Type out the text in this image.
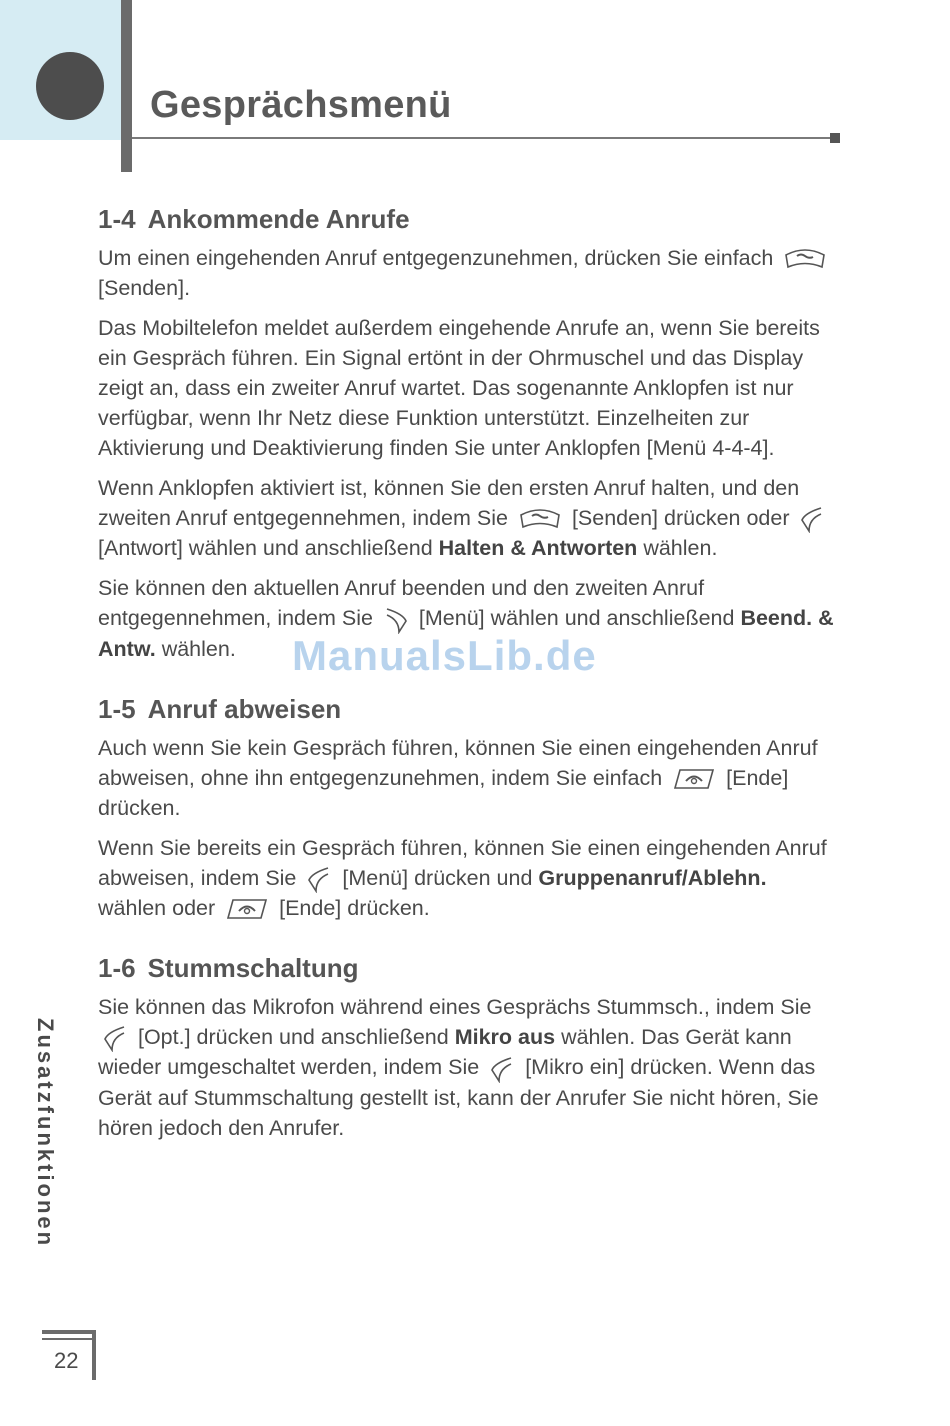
Gesprächsmenü
1-4 Ankommende Anrufe

Um einen eingehenden Anruf entgegenzunehmen, drücken Sie einfach
[Senden].

Das Mobiltelefon meldet außerdem eingehende Anrufe an, wenn Sie bereits ein Gespräch führen. Ein Signal ertönt in der Ohrmuschel und das Display zeigt an, dass ein zweiter Anruf wartet. Das sogenannte Anklopfen ist nur verfügbar, wenn Ihr Netz diese Funktion unterstützt. Einzelheiten zur Aktivierung und Deaktivierung finden Sie unter Anklopfen [Menü 4-4-4].

Wenn Anklopfen aktiviert ist, können Sie den ersten Anruf halten, und den zweiten Anruf entgegennehmen, indem Sie	[Senden] drücken oder
[Antwort] wählen und anschließend Halten & Antworten wählen.

Sie können den aktuellen Anruf beenden und den zweiten Anruf entgegennehmen, indem Sie [Menü] wählen und anschließend Beend. & Antw. wählen.

1-5 Anruf abweisen

Auch wenn Sie kein Gespräch führen, können Sie einen eingehenden Anruf abweisen, ohne ihn entgegenzunehmen, indem Sie einfach	[Ende] drücken.

Wenn Sie bereits ein Gespräch führen, können Sie einen eingehenden Anruf abweisen, indem Sie [Menü] drücken und Gruppenanruf/Ablehn. wählen oder	[Ende] drücken.

1-6 Stummschaltung

Sie können das Mikrofon während eines Gesprächs Stummsch., indem Sie
[Opt.] drücken und anschließend Mikro aus wählen. Das Gerät kann wieder umgeschaltet werden, indem Sie [Mikro ein] drücken. Wenn das Gerät auf Stummschaltung gestellt ist, kann der Anrufer Sie nicht hören, Sie hören jedoch den Anrufer.

ManualsLib.de

Zusatzfunktionen

22
